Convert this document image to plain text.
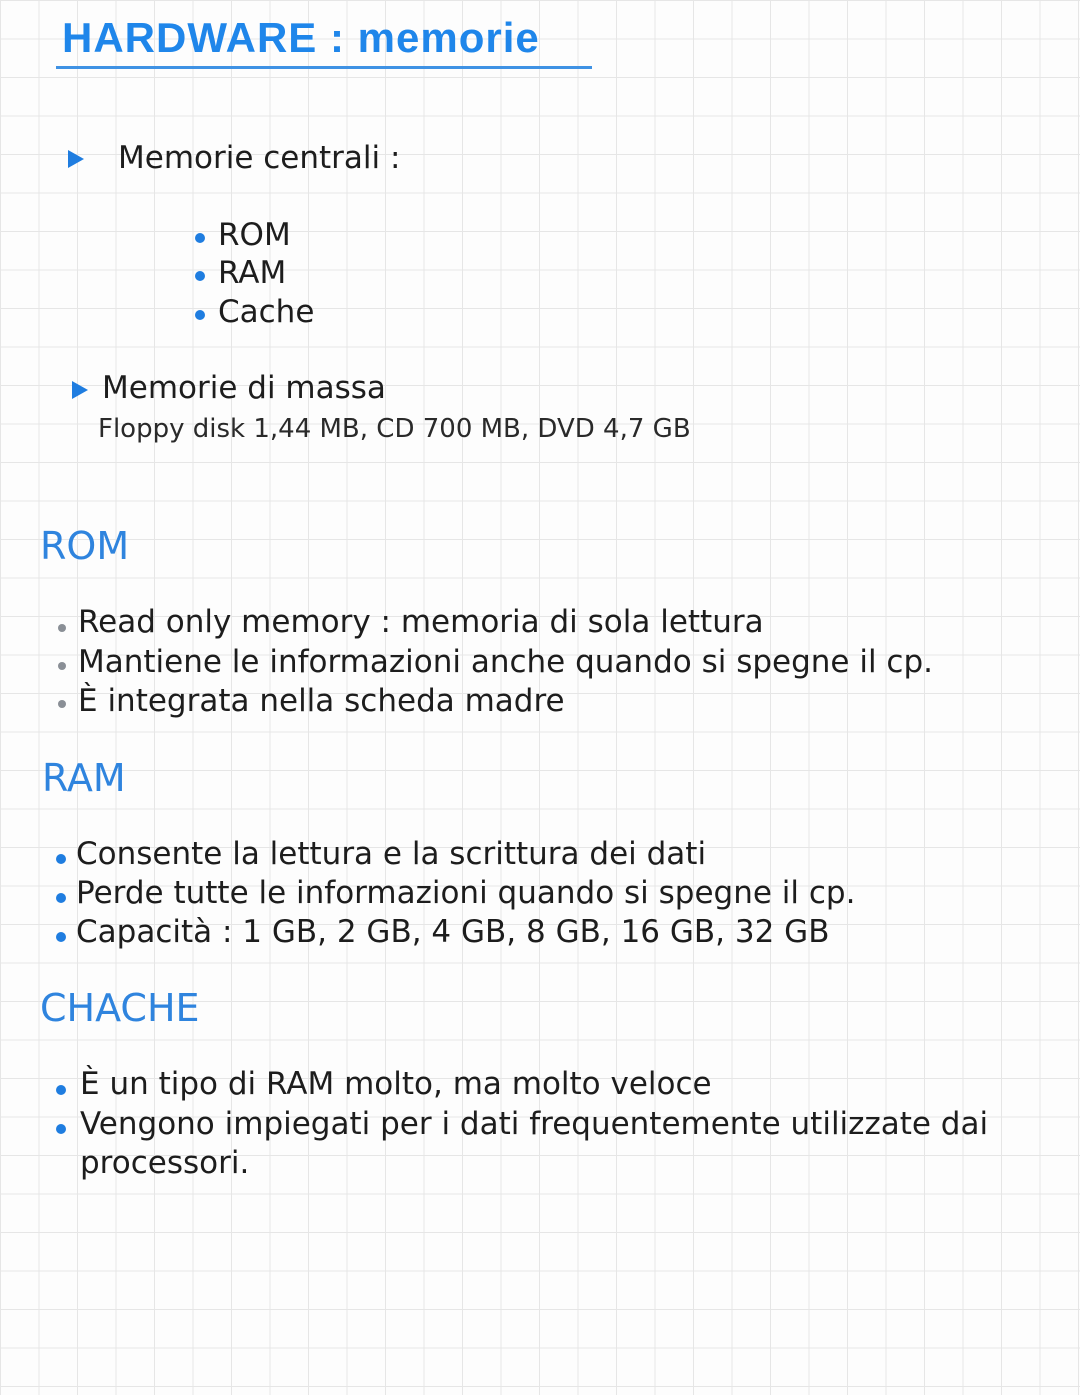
HARDWARE : memorie
Memorie centrali :
ROM
RAM
Cache
Memorie di massa
Floppy disk 1,44 MB, CD 700 MB, DVD 4,7 GB
ROM
Read only memory : memoria di sola lettura
Mantiene le informazioni anche quando si spegne il cp.
È integrata nella scheda madre
RAM
Consente la lettura e la scrittura dei dati
Perde tutte le informazioni quando si spegne il cp.
Capacità : 1 GB, 2 GB, 4 GB, 8 GB, 16 GB, 32 GB
CHACHE
È un tipo di RAM molto, ma molto veloce
Vengono impiegati per i dati frequentemente utilizzate dai
processori.
